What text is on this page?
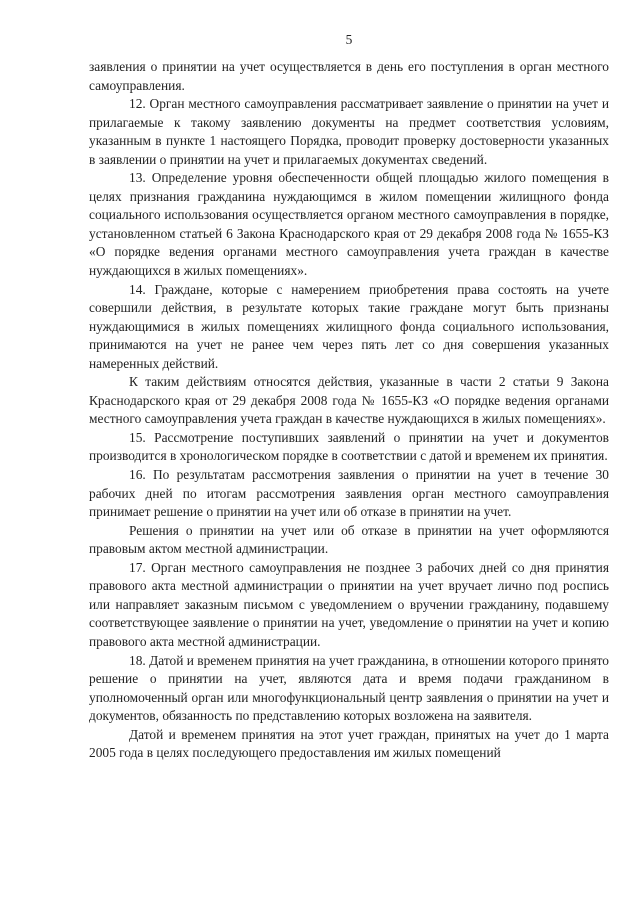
5

заявления о принятии на учет осуществляется в день его поступления в орган местного самоуправления.

12. Орган местного самоуправления рассматривает заявление о принятии на учет и прилагаемые к такому заявлению документы на предмет соответствия условиям, указанным в пункте 1 настоящего Порядка, проводит проверку достоверности указанных в заявлении о принятии на учет и прилагаемых документах сведений.

13. Определение уровня обеспеченности общей площадью жилого помещения в целях признания гражданина нуждающимся в жилом помещении жилищного фонда социального использования осуществляется органом местного самоуправления в порядке, установленном статьей 6 Закона Краснодарского края от 29 декабря 2008 года № 1655-КЗ «О порядке ведения органами местного самоуправления учета граждан в качестве нуждающихся в жилых помещениях».

14. Граждане, которые с намерением приобретения права состоять на учете совершили действия, в результате которых такие граждане могут быть признаны нуждающимися в жилых помещениях жилищного фонда социального использования, принимаются на учет не ранее чем через пять лет со дня совершения указанных намеренных действий.

К таким действиям относятся действия, указанные в части 2 статьи 9 Закона Краснодарского края от 29 декабря 2008 года № 1655-КЗ «О порядке ведения органами местного самоуправления учета граждан в качестве нуждающихся в жилых помещениях».

15. Рассмотрение поступивших заявлений о принятии на учет и документов производится в хронологическом порядке в соответствии с датой и временем их принятия.

16. По результатам рассмотрения заявления о принятии на учет в течение 30 рабочих дней по итогам рассмотрения заявления орган местного самоуправления принимает решение о принятии на учет или об отказе в принятии на учет.

Решения о принятии на учет или об отказе в принятии на учет оформляются правовым актом местной администрации.

17. Орган местного самоуправления не позднее 3 рабочих дней со дня принятия правового акта местной администрации о принятии на учет вручает лично под роспись или направляет заказным письмом с уведомлением о вручении гражданину, подавшему соответствующее заявление о принятии на учет, уведомление о принятии на учет и копию правового акта местной администрации.

18. Датой и временем принятия на учет гражданина, в отношении которого принято решение о принятии на учет, являются дата и время подачи гражданином в уполномоченный орган или многофункциональный центр заявления о принятии на учет и документов, обязанность по представлению которых возложена на заявителя.

Датой и временем принятия на этот учет граждан, принятых на учет до 1 марта 2005 года в целях последующего предоставления им жилых помещений
